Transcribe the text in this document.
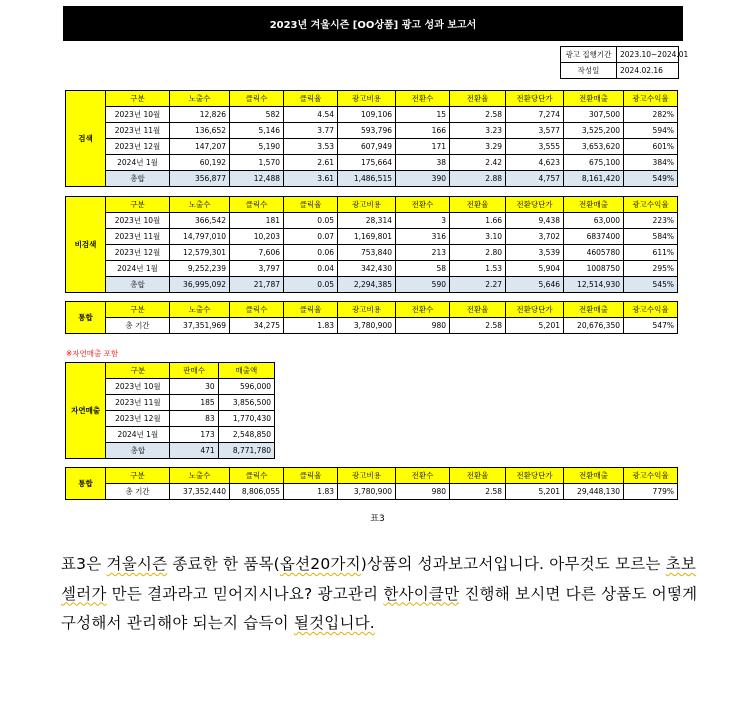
2023년 겨울시즌 [OO상품] 광고 성과 보고서
광고 집행기간	2023.10~2024.01
작성일	2024.02.16
검색	구분	노출수	클릭수	클릭율	광고비용	전환수	전환율	전환당단가	전환매출	광고수익율
	2023년 10월	12,826	582	4.54	109,106	15	2.58	7,274	307,500	282%
	2023년 11월	136,652	5,146	3.77	593,796	166	3.23	3,577	3,525,200	594%
	2023년 12월	147,207	5,190	3.53	607,949	171	3.29	3,555	3,653,620	601%
	2024년 1월	60,192	1,570	2.61	175,664	38	2.42	4,623	675,100	384%
	총합	356,877	12,488	3.61	1,486,515	390	2.88	4,757	8,161,420	549%
비검색	구분	노출수	클릭수	클릭율	광고비용	전환수	전환율	전환당단가	전환매출	광고수익율
	2023년 10월	366,542	181	0.05	28,314	3	1.66	9,438	63,000	223%
	2023년 11월	14,797,010	10,203	0.07	1,169,801	316	3.10	3,702	6837400	584%
	2023년 12월	12,579,301	7,606	0.06	753,840	213	2.80	3,539	4605780	611%
	2024년 1월	9,252,239	3,797	0.04	342,430	58	1.53	5,904	1008750	295%
	총합	36,995,092	21,787	0.05	2,294,385	590	2.27	5,646	12,514,930	545%
통합	구분	노출수	클릭수	클릭율	광고비용	전환수	전환율	전환당단가	전환매출	광고수익율
	총 기간	37,351,969	34,275	1.83	3,780,900	980	2.58	5,201	20,676,350	547%
※자연매출 포함
자연매출	구분	판매수	매출액
	2023년 10월	30	596,000
	2023년 11월	185	3,856,500
	2023년 12월	83	1,770,430
	2024년 1월	173	2,548,850
	총합	471	8,771,780
통합	구분	노출수	클릭수	클릭율	광고비용	전환수	전환율	전환당단가	전환매출	광고수익율
	총 기간	37,352,440	8,806,055	1.83	3,780,900	980	2.58	5,201	29,448,130	779%
표3
표3은 겨울시즌 종료한 한 품목(옵션20가지)상품의 성과보고서입니다. 아무것도 모르는 초보셀러가 만든 결과라고 믿어지시나요? 광고관리 한사이클만 진행해 보시면 다른 상품도 어떻게 구성해서 관리해야 되는지 습득이 될것입니다.
